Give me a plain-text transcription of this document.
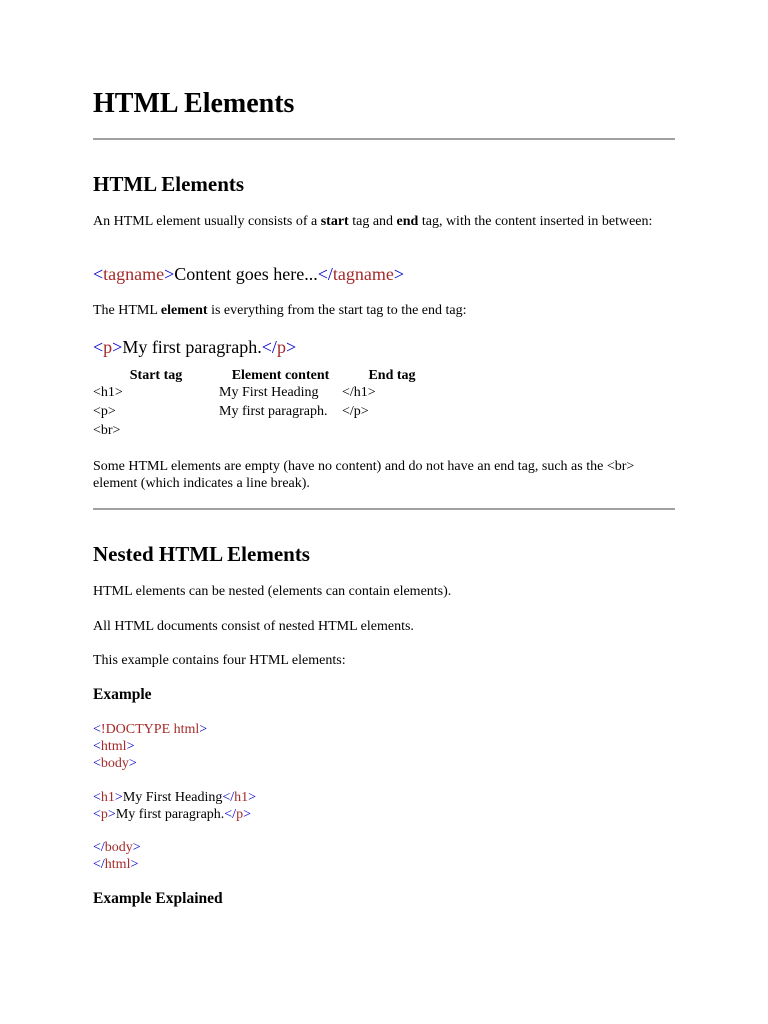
HTML Elements
HTML Elements

An HTML element usually consists of a start tag and end tag, with the content inserted in between:

<tagname>Content goes here...</tagname>

The HTML element is everything from the start tag to the end tag:

<p>My first paragraph.</p>
Start tag	Element content	End tag
<h1>	My First Heading	</h1>
<p>	My first paragraph.	</p>
<br>		

Some HTML elements are empty (have no content) and do not have an end tag, such as the <br> element (which indicates a line break).

Nested HTML Elements

HTML elements can be nested (elements can contain elements).

All HTML documents consist of nested HTML elements.

This example contains four HTML elements:

Example
<!DOCTYPE html>
<html>
<body>
<h1>My First Heading</h1>
<p>My first paragraph.</p>
</body>
</html>
Example Explained
